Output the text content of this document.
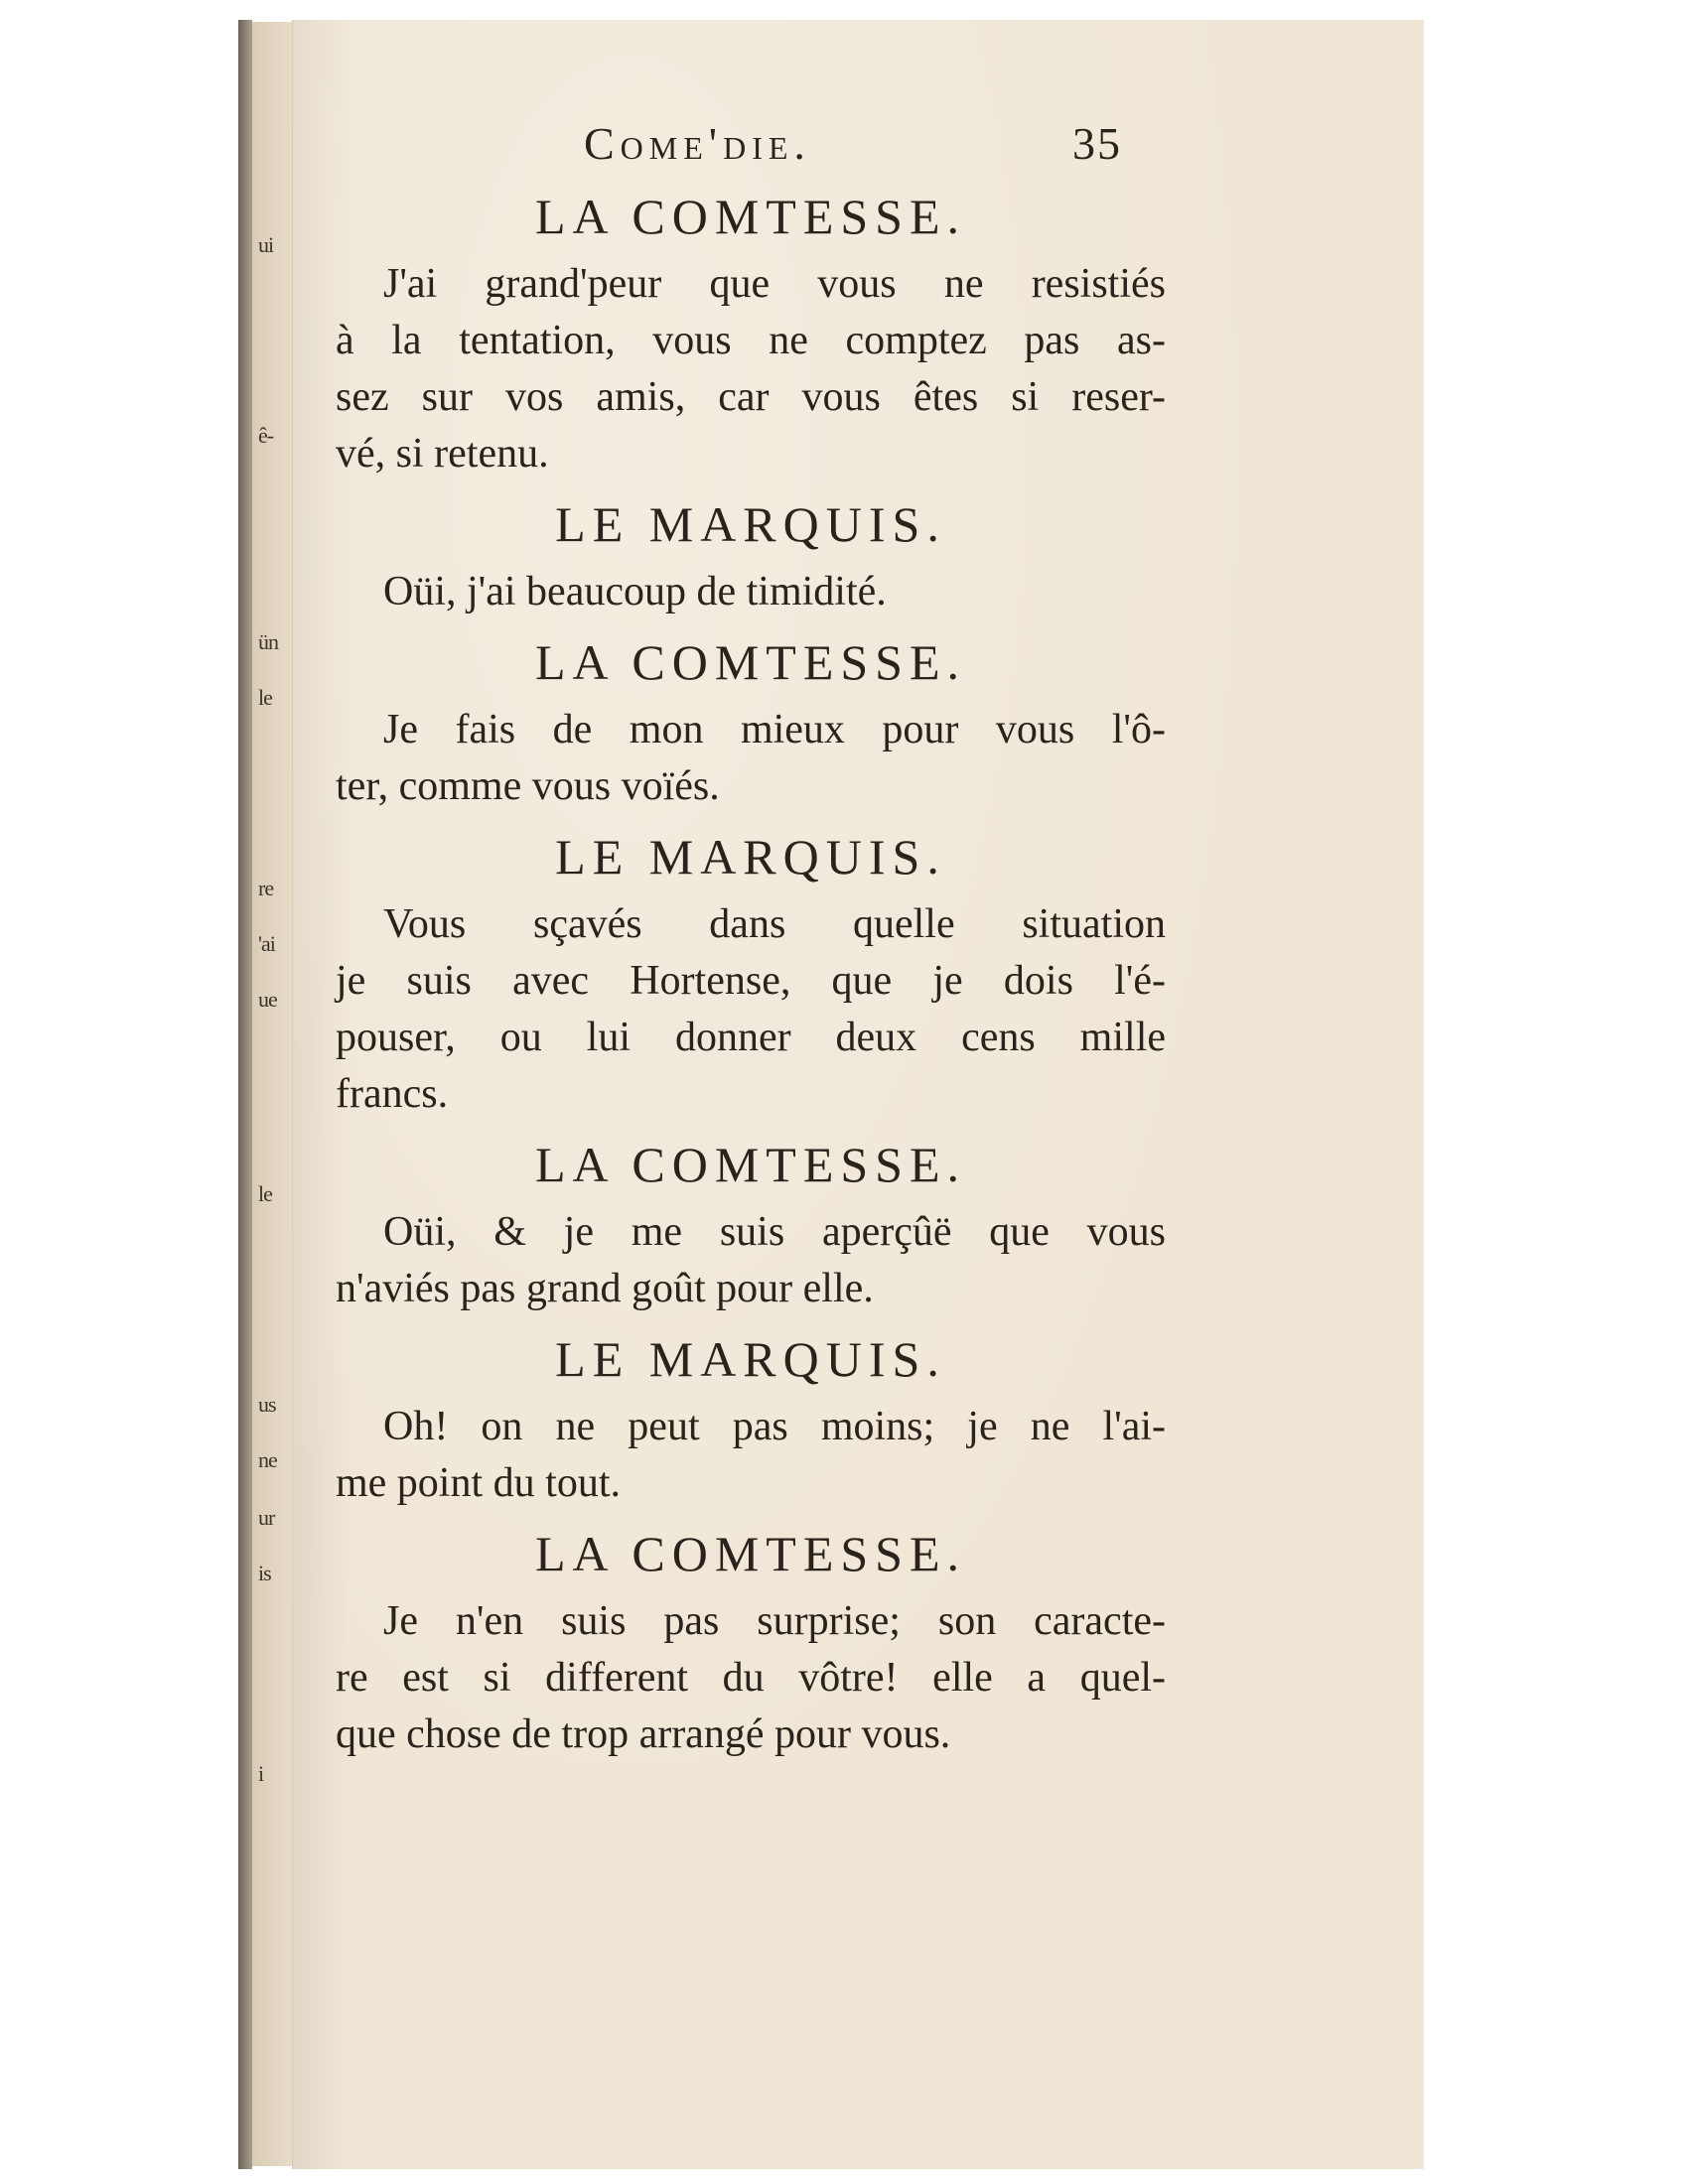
ui
ê-
ün
le
re
'ai
ue
le
us
ne
ur
is
i
Come'die.	35
LA COMTESSE.
J'ai grand'peur que vous ne resistiés
à la tentation, vous ne comptez pas as-
sez sur vos amis, car vous êtes si reser-
vé, si retenu.
LE MARQUIS.
Oüi, j'ai beaucoup de timidité.
LA COMTESSE.
Je fais de mon mieux pour vous l'ô-
ter, comme vous voïés.
LE MARQUIS.
Vous sçavés dans quelle situation
je suis avec Hortense, que je dois l'é-
pouser, ou lui donner deux cens mille
francs.
LA COMTESSE.
Oüi, & je me suis aperçûë que vous
n'aviés pas grand goût pour elle.
LE MARQUIS.
Oh! on ne peut pas moins; je ne l'ai-
me point du tout.
LA COMTESSE.
Je n'en suis pas surprise; son caracte-
re est si different du vôtre! elle a quel-
que chose de trop arrangé pour vous.
